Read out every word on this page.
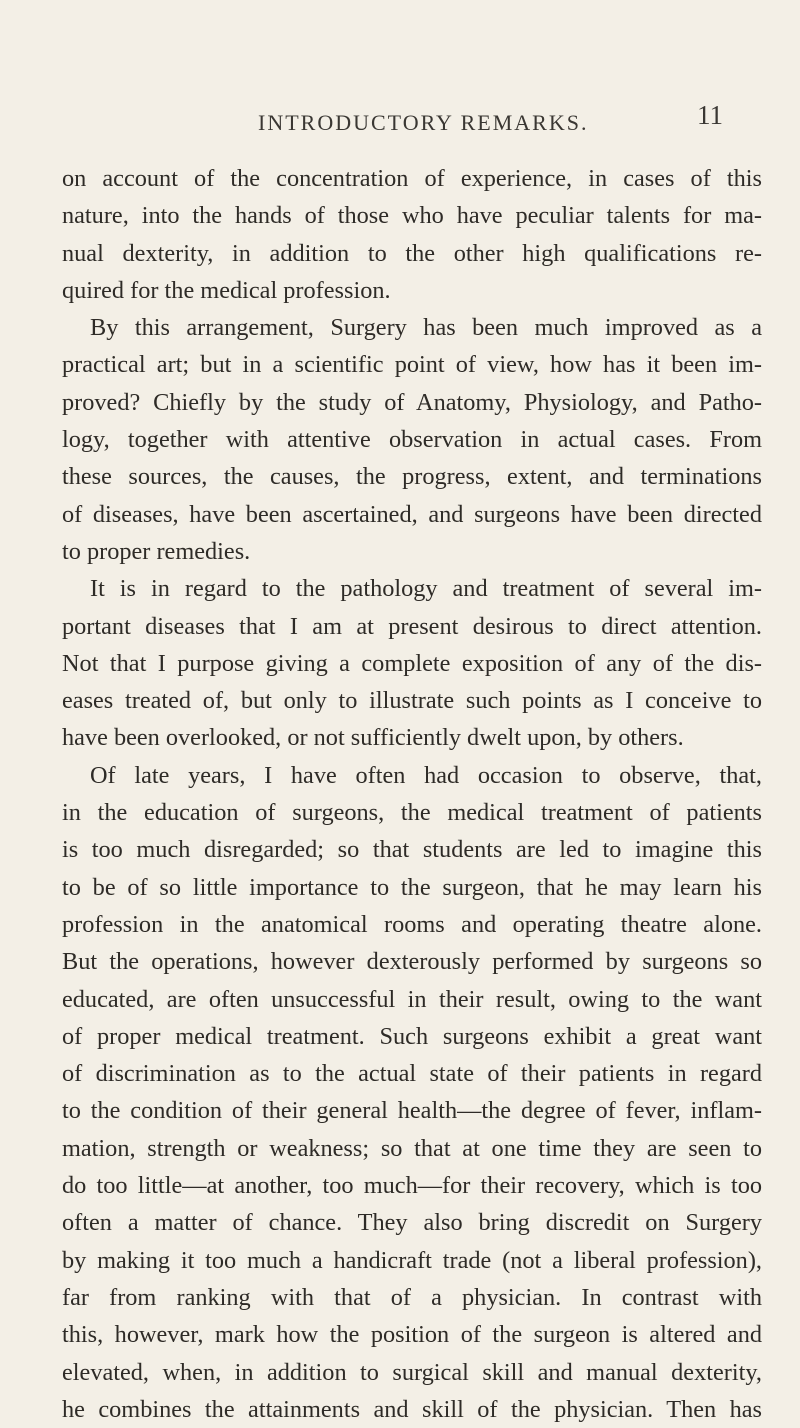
INTRODUCTORY REMARKS.	11
on account of the concentration of experience, in cases of this
nature, into the hands of those who have peculiar talents for ma-
nual dexterity, in addition to the other high qualifications re-
quired for the medical profession.
By this arrangement, Surgery has been much improved as a
practical art; but in a scientific point of view, how has it been im-
proved? Chiefly by the study of Anatomy, Physiology, and Patho-
logy, together with attentive observation in actual cases. From
these sources, the causes, the progress, extent, and terminations
of diseases, have been ascertained, and surgeons have been directed
to proper remedies.
It is in regard to the pathology and treatment of several im-
portant diseases that I am at present desirous to direct attention.
Not that I purpose giving a complete exposition of any of the dis-
eases treated of, but only to illustrate such points as I conceive to
have been overlooked, or not sufficiently dwelt upon, by others.
Of late years, I have often had occasion to observe, that,
in the education of surgeons, the medical treatment of patients
is too much disregarded; so that students are led to imagine this
to be of so little importance to the surgeon, that he may learn his
profession in the anatomical rooms and operating theatre alone.
But the operations, however dexterously performed by surgeons so
educated, are often unsuccessful in their result, owing to the want
of proper medical treatment. Such surgeons exhibit a great want
of discrimination as to the actual state of their patients in regard
to the condition of their general health—the degree of fever, inflam-
mation, strength or weakness; so that at one time they are seen to
do too little—at another, too much—for their recovery, which is too
often a matter of chance. They also bring discredit on Surgery
by making it too much a handicraft trade (not a liberal profession),
far from ranking with that of a physician. In contrast with
this, however, mark how the position of the surgeon is altered and
elevated, when, in addition to surgical skill and manual dexterity,
he combines the attainments and skill of the physician. Then has
